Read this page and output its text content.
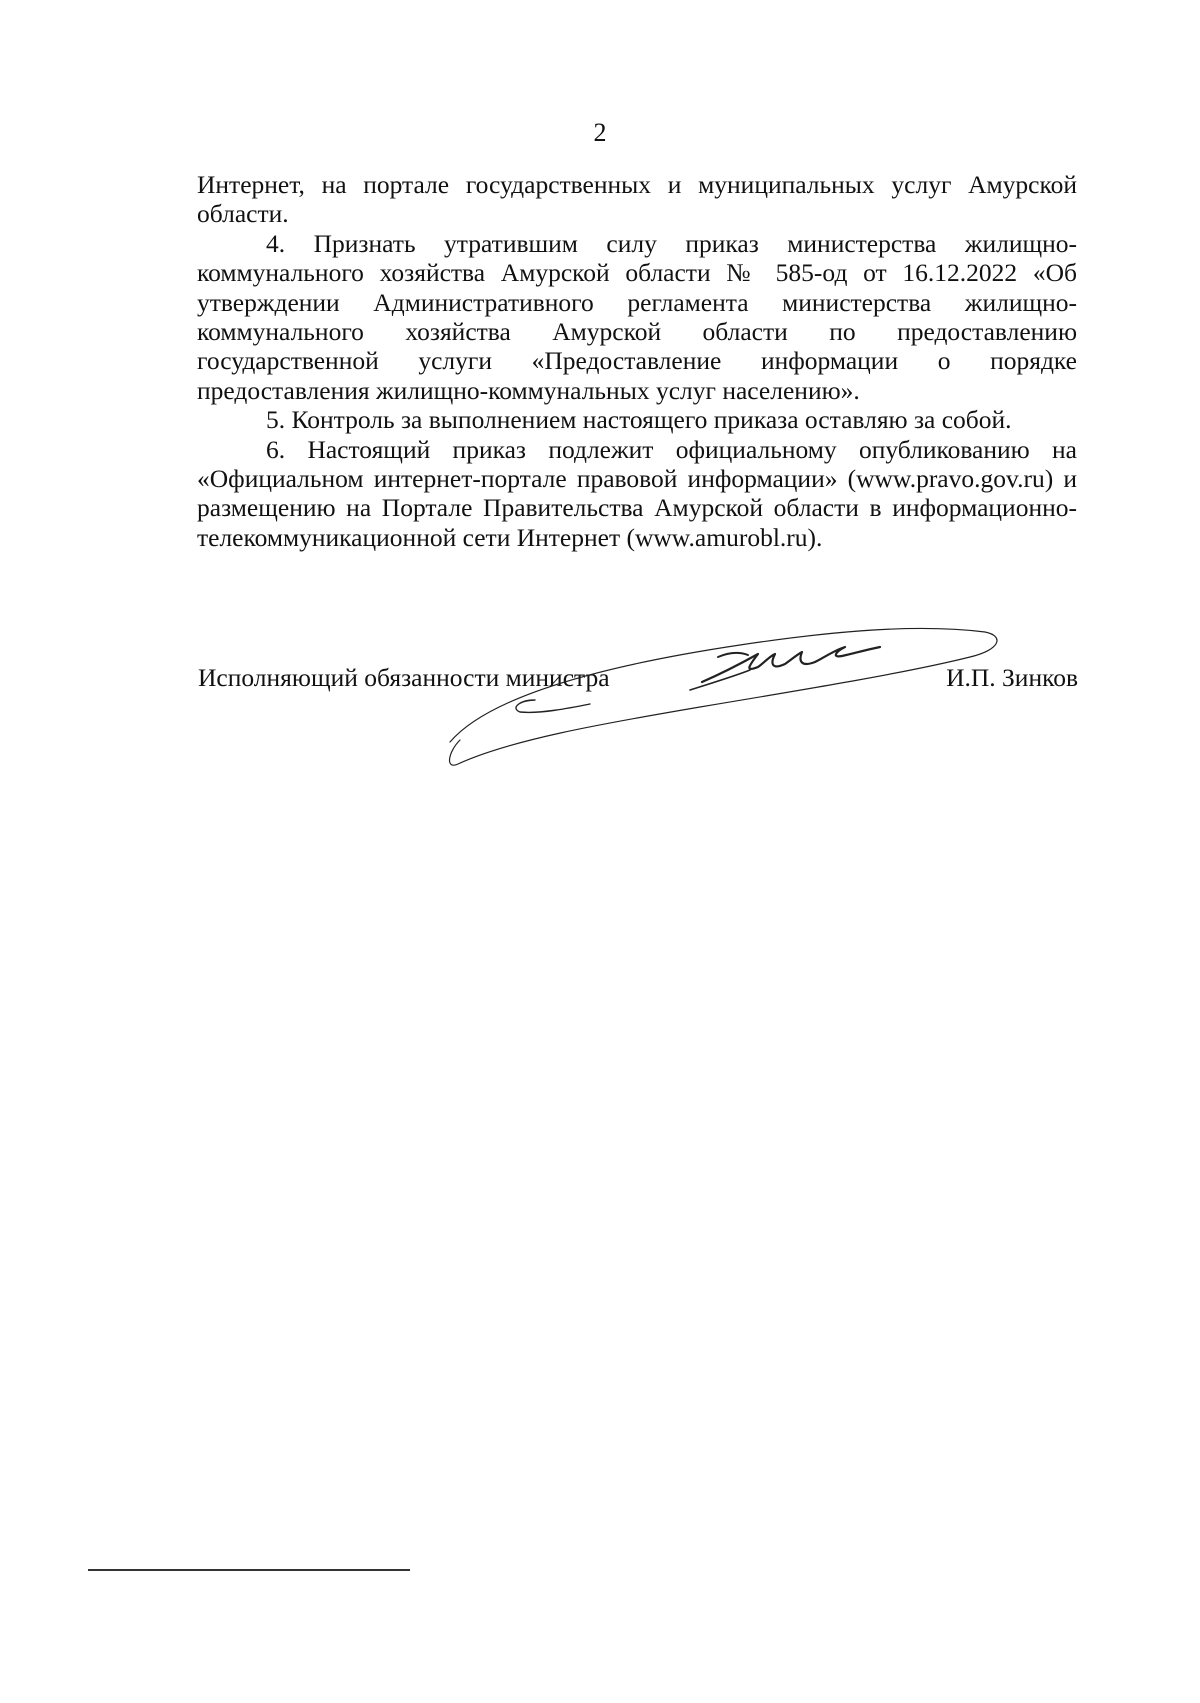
2

Интернет, на портале государственных и муниципальных услуг Амурской области.

4. Признать утратившим силу приказ министерства жилищно-коммунального хозяйства Амурской области № 585-од от 16.12.2022 «Об утверждении Административного регламента министерства жилищно-коммунального хозяйства Амурской области по предоставлению государственной услуги «Предоставление информации о порядке предоставления жилищно-коммунальных услуг населению».

5. Контроль за выполнением настоящего приказа оставляю за собой.

6. Настоящий приказ подлежит официальному опубликованию на «Официальном интернет-портале правовой информации» (www.pravo.gov.ru) и размещению на Портале Правительства Амурской области в информационно-телекоммуникационной сети Интернет (www.amurobl.ru).

Исполняющий обязанности министра	И.П. Зинков
